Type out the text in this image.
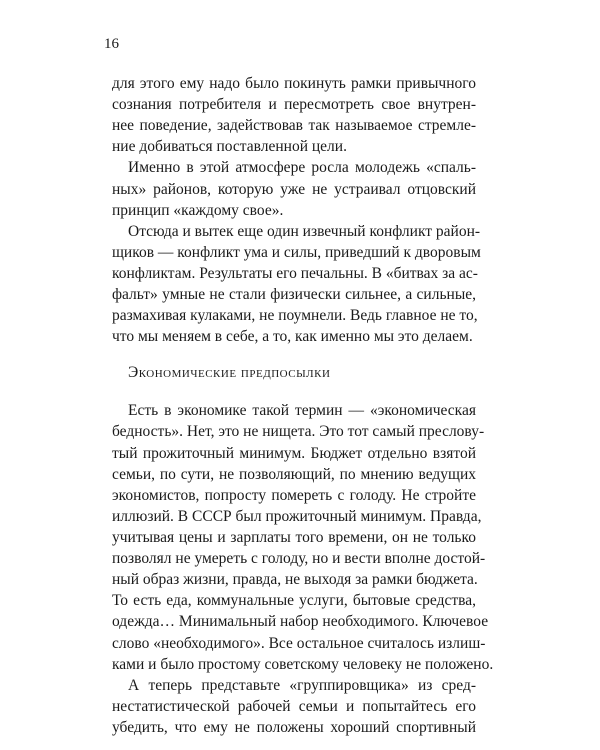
16
для этого ему надо было покинуть рамки привычного
сознания потребителя и пересмотреть свое внутрен-
нее поведение, задействовав так называемое стремле-
ние добиваться поставленной цели.
Именно в этой атмосфере росла молодежь «спаль-
ных» районов, которую уже не устраивал отцовский
принцип «каждому свое».
Отсюда и вытек еще один извечный конфликт район-
щиков — конфликт ума и силы, приведший к дворовым
конфликтам. Результаты его печальны. В «битвах за ас-
фальт» умные не стали физически сильнее, а сильные,
размахивая кулаками, не поумнели. Ведь главное не то,
что мы меняем в себе, а то, как именно мы это делаем.
Экономические предпосылки
Есть в экономике такой термин — «экономическая
бедность». Нет, это не нищета. Это тот самый преслову-
тый прожиточный минимум. Бюджет отдельно взятой
семьи, по сути, не позволяющий, по мнению ведущих
экономистов, попросту помереть с голоду. Не стройте
иллюзий. В СССР был прожиточный минимум. Правда,
учитывая цены и зарплаты того времени, он не только
позволял не умереть с голоду, но и вести вполне достой-
ный образ жизни, правда, не выходя за рамки бюджета.
То есть еда, коммунальные услуги, бытовые средства,
одежда… Минимальный набор необходимого. Ключевое
слово «необходимого». Все остальное считалось излиш-
ками и было простому советскому человеку не положено.
А теперь представьте «группировщика» из сред-
нестатистической рабочей семьи и попытайтесь его
убедить, что ему не положены хороший спортивный
